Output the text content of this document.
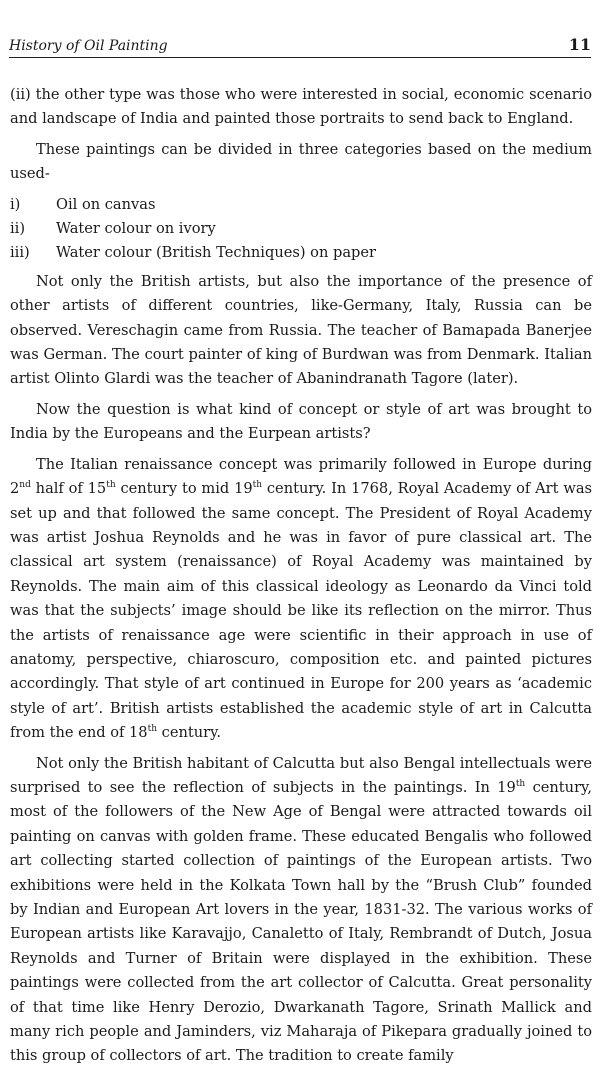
History of Oil Painting	11

(ii) the other type was those who were interested in social, economic scenario and landscape of India and painted those portraits to send back to England.

These paintings can be divided in three categories based on the medium used-

i)	Oil on canvas
ii)	Water colour on ivory
iii)	Water colour (British Techniques) on paper

Not only the British artists, but also the importance of the presence of other artists of different countries, like-Germany, Italy, Russia can be observed. Vereschagin came from Russia. The teacher of Bamapada Banerjee was German. The court painter of king of Burdwan was from Denmark. Italian artist Olinto Glardi was the teacher of Abanindranath Tagore (later).

Now the question is what kind of concept or style of art was brought to India by the Europeans and the Eurpean artists?

The Italian renaissance concept was primarily followed in Europe during 2nd half of 15th century to mid 19th century. In 1768, Royal Academy of Art was set up and that followed the same concept. The President of Royal Academy was artist Joshua Reynolds and he was in favor of pure classical art. The classical art system (renaissance) of Royal Academy was maintained by Reynolds. The main aim of this classical ideology as Leonardo da Vinci told was that the subjects’ image should be like its reflection on the mirror. Thus the artists of renaissance age were scientific in their approach in use of anatomy, perspective, chiaroscuro, composition etc. and painted pictures accordingly. That style of art continued in Europe for 200 years as ‘academic style of art’. British artists established the academic style of art in Calcutta from the end of 18th century.

Not only the British habitant of Calcutta but also Bengal intellectuals were surprised to see the reflection of subjects in the paintings. In 19th century, most of the followers of the New Age of Bengal were attracted towards oil painting on canvas with golden frame. These educated Bengalis who followed art collecting started collection of paintings of the European artists. Two exhibitions were held in the Kolkata Town hall by the “Brush Club” founded by Indian and European Art lovers in the year, 1831-32. The various works of European artists like Karavajjo, Canaletto of Italy, Rembrandt of Dutch, Josua Reynolds and Turner of Britain were displayed in the exhibition. These paintings were collected from the art collector of Calcutta. Great personality of that time like Henry Derozio, Dwarkanath Tagore, Srinath Mallick and many rich people and Jaminders, viz Maharaja of Pikepara gradually joined to this group of collectors of art. The tradition to create family
